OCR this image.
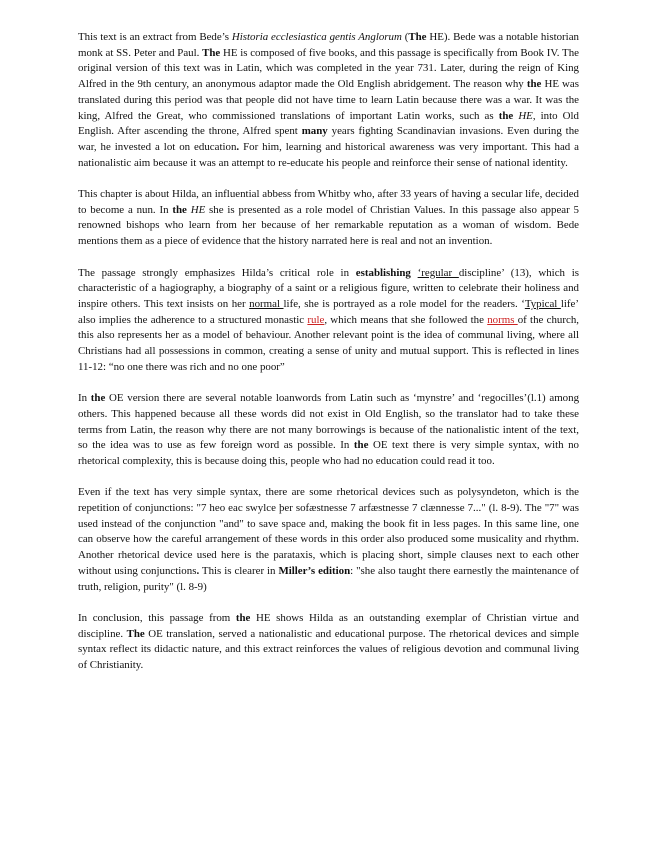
This text is an extract from Bede’s Historia ecclesiastica gentis Anglorum (The HE). Bede was a notable historian monk at SS. Peter and Paul. The HE is composed of five books, and this passage is specifically from Book IV. The original version of this text was in Latin, which was completed in the year 731. Later, during the reign of King Alfred in the 9th century, an anonymous adaptor made the Old English abridgement. The reason why the HE was translated during this period was that people did not have time to learn Latin because there was a war. It was the king, Alfred the Great, who commissioned translations of important Latin works, such as the HE, into Old English. After ascending the throne, Alfred spent many years fighting Scandinavian invasions. Even during the war, he invested a lot on education. For him, learning and historical awareness was very important. This had a nationalistic aim because it was an attempt to re-educate his people and reinforce their sense of national identity.

This chapter is about Hilda, an influential abbess from Whitby who, after 33 years of having a secular life, decided to become a nun. In the HE she is presented as a role model of Christian Values. In this passage also appear 5 renowned bishops who learn from her because of her remarkable reputation as a woman of wisdom. Bede mentions them as a piece of evidence that the history narrated here is real and not an invention.

The passage strongly emphasizes Hilda’s critical role in establishing ‘regular discipline’ (13), which is characteristic of a hagiography, a biography of a saint or a religious figure, written to celebrate their holiness and inspire others. This text insists on her normal life, she is portrayed as a role model for the readers. ‘Typical life’ also implies the adherence to a structured monastic rule, which means that she followed the norms of the church, this also represents her as a model of behaviour. Another relevant point is the idea of communal living, where all Christians had all possessions in common, creating a sense of unity and mutual support. This is reflected in lines 11-12: “no one there was rich and no one poor”

In the OE version there are several notable loanwords from Latin such as ‘mynstre’ and ‘regocilles’(l.1) among others. This happened because all these words did not exist in Old English, so the translator had to take these terms from Latin, the reason why there are not many borrowings is because of the nationalistic intent of the text, so the idea was to use as few foreign word as possible. In the OE text there is very simple syntax, with no rhetorical complexity, this is because doing this, people who had no education could read it too.

Even if the text has very simple syntax, there are some rhetorical devices such as polysyndeton, which is the repetition of conjunctions: "7 heo eac swylce þer sofæstnesse 7 arfæstnesse 7 clænnesse 7..." (l. 8-9). The "7" was used instead of the conjunction "and" to save space and, making the book fit in less pages. In this same line, one can observe how the careful arrangement of these words in this order also produced some musicality and rhythm. Another rhetorical device used here is the parataxis, which is placing short, simple clauses next to each other without using conjunctions. This is clearer in Miller’s edition: "she also taught there earnestly the maintenance of truth, religion, purity" (l. 8-9)

In conclusion, this passage from the HE shows Hilda as an outstanding exemplar of Christian virtue and discipline. The OE translation, served a nationalistic and educational purpose. The rhetorical devices and simple syntax reflect its didactic nature, and this extract reinforces the values of religious devotion and communal living of Christianity.
